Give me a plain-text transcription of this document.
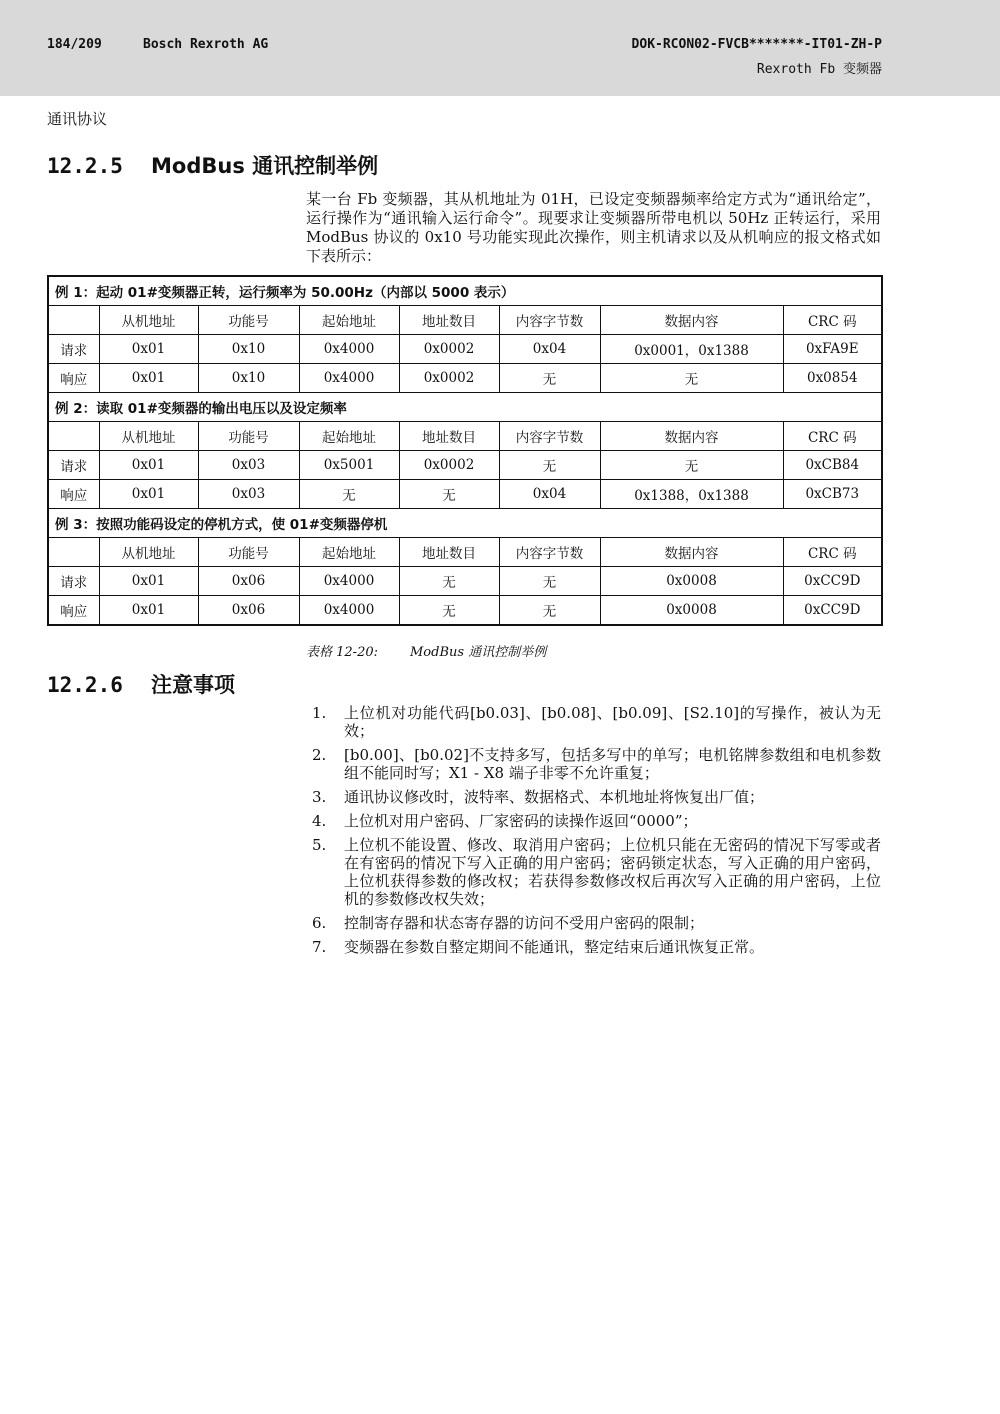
184/209	Bosch Rexroth AG	DOK-RCON02-FVCB*******-IT01-ZH-P
Rexroth Fb 变频器
通讯协议
12.2.5 ModBus 通讯控制举例
某一台 Fb 变频器，其从机地址为 01H，已设定变频器频率给定方式为“通讯给定”，运行操作为“通讯输入运行命令”。现要求让变频器所带电机以 50Hz 正转运行，采用 ModBus 协议的 0x10 号功能实现此次操作，则主机请求以及从机响应的报文格式如下表所示：
例 1：起动 01#变频器正转，运行频率为 50.00Hz（内部以 5000 表示）							
	从机地址	功能号	起始地址	地址数目	内容字节数	数据内容	CRC 码
请求	0x01	0x10	0x4000	0x0002	0x04	0x0001，0x1388	0xFA9E
响应	0x01	0x10	0x4000	0x0002	无	无	0x0854
例 2：读取 01#变频器的输出电压以及设定频率							
	从机地址	功能号	起始地址	地址数目	内容字节数	数据内容	CRC 码
请求	0x01	0x03	0x5001	0x0002	无	无	0xCB84
响应	0x01	0x03	无	无	0x04	0x1388，0x1388	0xCB73
例 3：按照功能码设定的停机方式，使 01#变频器停机							
	从机地址	功能号	起始地址	地址数目	内容字节数	数据内容	CRC 码
请求	0x01	0x06	0x4000	无	无	0x0008	0xCC9D
响应	0x01	0x06	0x4000	无	无	0x0008	0xCC9D
表格 12-20: ModBus 通讯控制举例
12.2.6 注意事项
1. 上位机对功能代码[b0.03]、[b0.08]、[b0.09]、[S2.10]的写操作，被认为无效；
2. [b0.00]、[b0.02]不支持多写，包括多写中的单写；电机铭牌参数组和电机参数组不能同时写；X1 - X8 端子非零不允许重复；
3. 通讯协议修改时，波特率、数据格式、本机地址将恢复出厂值；
4. 上位机对用户密码、厂家密码的读操作返回“0000”；
5. 上位机不能设置、修改、取消用户密码；上位机只能在无密码的情况下写零或者在有密码的情况下写入正确的用户密码；密码锁定状态，写入正确的用户密码，上位机获得参数的修改权；若获得参数修改权后再次写入正确的用户密码，上位机的参数修改权失效；
6. 控制寄存器和状态寄存器的访问不受用户密码的限制；
7. 变频器在参数自整定期间不能通讯，整定结束后通讯恢复正常。
